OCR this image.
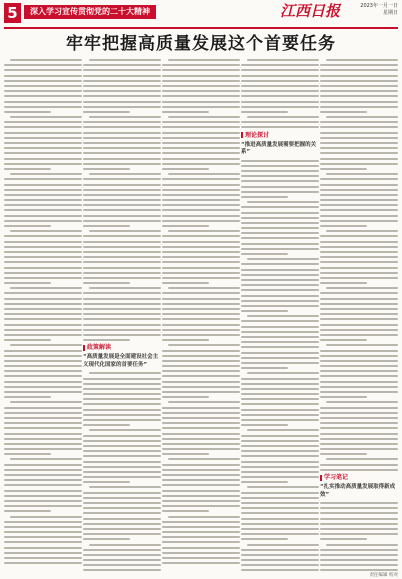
5	深入学习宣传贯彻党的二十大精神	江西日报	2023年一月一日
星期日
牢牢把握高质量发展这个首要任务
政策解读
“高质量发展是全面建设社会主义现代化国家的首要任务”
理论探讨
“推进高质量发展需要把握的关系”
学习笔记
“扎实推动高质量发展取得新成效”
责任编辑 校对
